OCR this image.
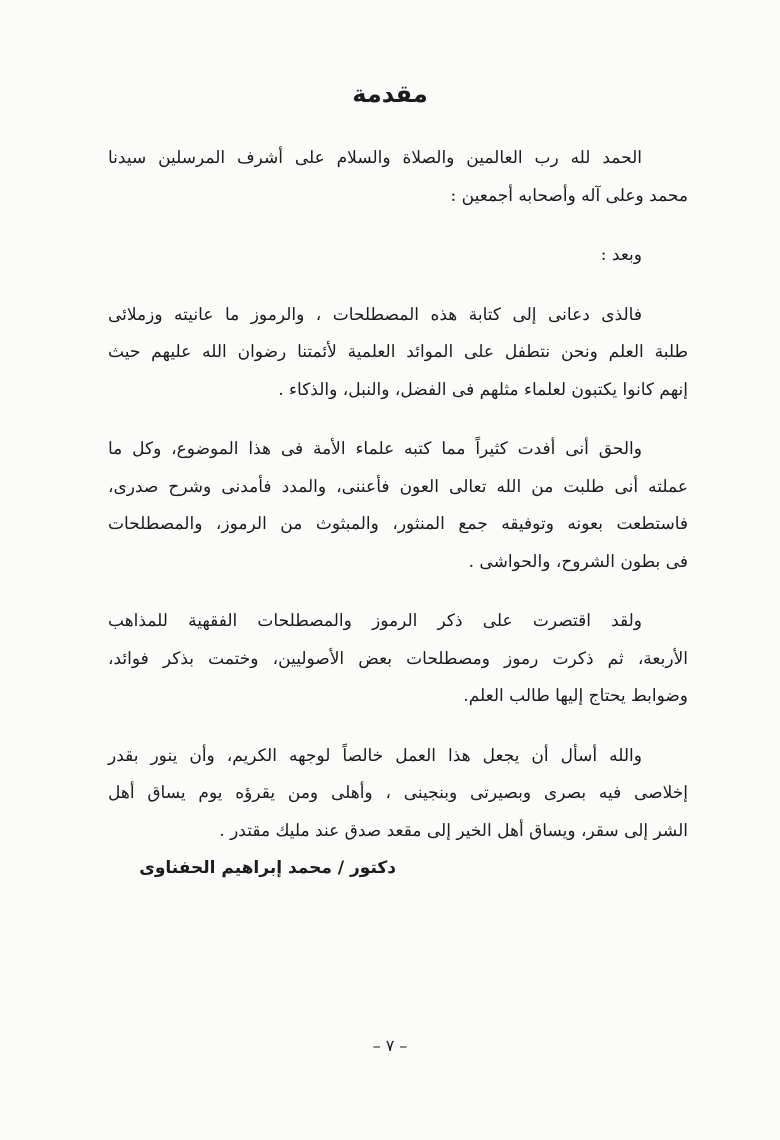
مقدمة

الحمد لله رب العالمين والصلاة والسلام على أشرف المرسلين سيدنا
محمد وعلى آله وأصحابه أجمعين :

وبعد :

فالذى دعانى إلى كتابة هذه المصطلحات ، والرموز ما عانيته وزملائى
طلبة العلم ونحن نتطفل على الموائد العلمية لأئمتنا رضوان الله عليهم حيث
إنهم كانوا يكتبون لعلماء مثلهم فى الفضل، والنبل، والذكاء .

والحق أنى أفدت كثيراً مما كتبه علماء الأمة فى هذا الموضوع، وكل ما
عملته أنى طلبت من الله تعالى العون فأعننى، والمدد فأمدنى وشرح صدرى،
فاستطعت بعونه وتوفيقه جمع المنثور، والمبثوث من الرموز، والمصطلحات
فى بطون الشروح، والحواشى .

ولقد اقتصرت على ذكر الرموز والمصطلحات الفقهية للمذاهب
الأربعة، ثم ذكرت رموز ومصطلحات بعض الأصوليين، وختمت بذكر فوائد،
وضوابط يحتاج إليها طالب العلم.

والله أسأل أن يجعل هذا العمل خالصاً لوجهه الكريم، وأن ينور بقدر
إخلاصى فيه بصرى وبصيرتى وبنجينى ، وأهلى ومن يقرؤه يوم يساق أهل
الشر إلى سقر، ويساق أهل الخير إلى مقعد صدق عند مليك مقتدر .

دكتور / محمد إبراهيم الحفناوى
– ٧ –
